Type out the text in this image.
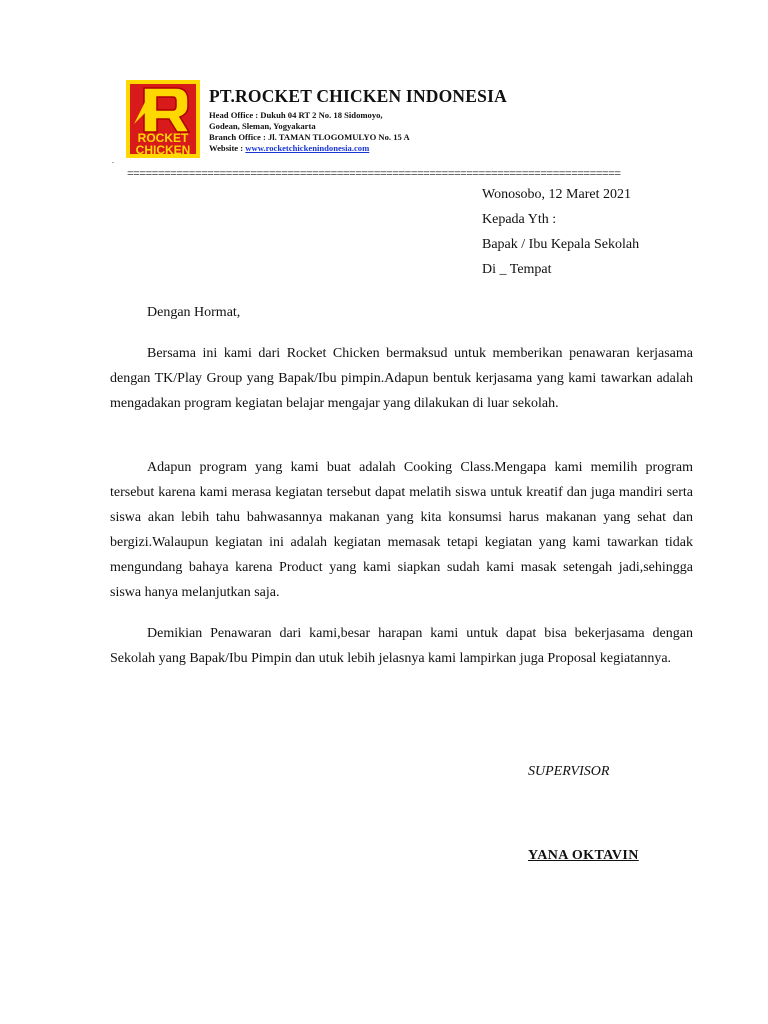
ROCKET
CHICKEN
PT.ROCKET CHICKEN INDONESIA
Head Office : Dukuh 04 RT 2 No. 18 Sidomoyo,
Godean, Sleman, Yogyakarta
Branch Office : Jl. TAMAN TLOGOMULYO No. 15 A
Website : www.rocketchickenindonesia.com
.
================================================================================
Wonosobo, 12 Maret 2021
Kepada Yth :
Bapak / Ibu Kepala Sekolah
Di _ Tempat
Dengan Hormat,
Bersama ini kami dari Rocket Chicken bermaksud untuk memberikan penawaran kerjasama dengan TK/Play Group yang Bapak/Ibu pimpin.Adapun bentuk kerjasama yang kami tawarkan adalah mengadakan program kegiatan belajar mengajar yang dilakukan di luar sekolah.
Adapun program yang kami buat adalah Cooking Class.Mengapa kami memilih program tersebut karena kami merasa kegiatan tersebut dapat melatih siswa untuk kreatif dan juga mandiri serta siswa akan lebih tahu bahwasannya makanan yang kita konsumsi harus makanan yang sehat dan bergizi.Walaupun kegiatan ini adalah kegiatan memasak tetapi kegiatan yang kami tawarkan tidak mengundang bahaya karena Product yang kami siapkan sudah kami masak setengah jadi,sehingga siswa hanya melanjutkan saja.
Demikian Penawaran dari kami,besar harapan kami untuk dapat bisa bekerjasama dengan Sekolah yang Bapak/Ibu Pimpin dan utuk lebih jelasnya kami lampirkan juga Proposal kegiatannya.
SUPERVISOR
YANA OKTAVIN
